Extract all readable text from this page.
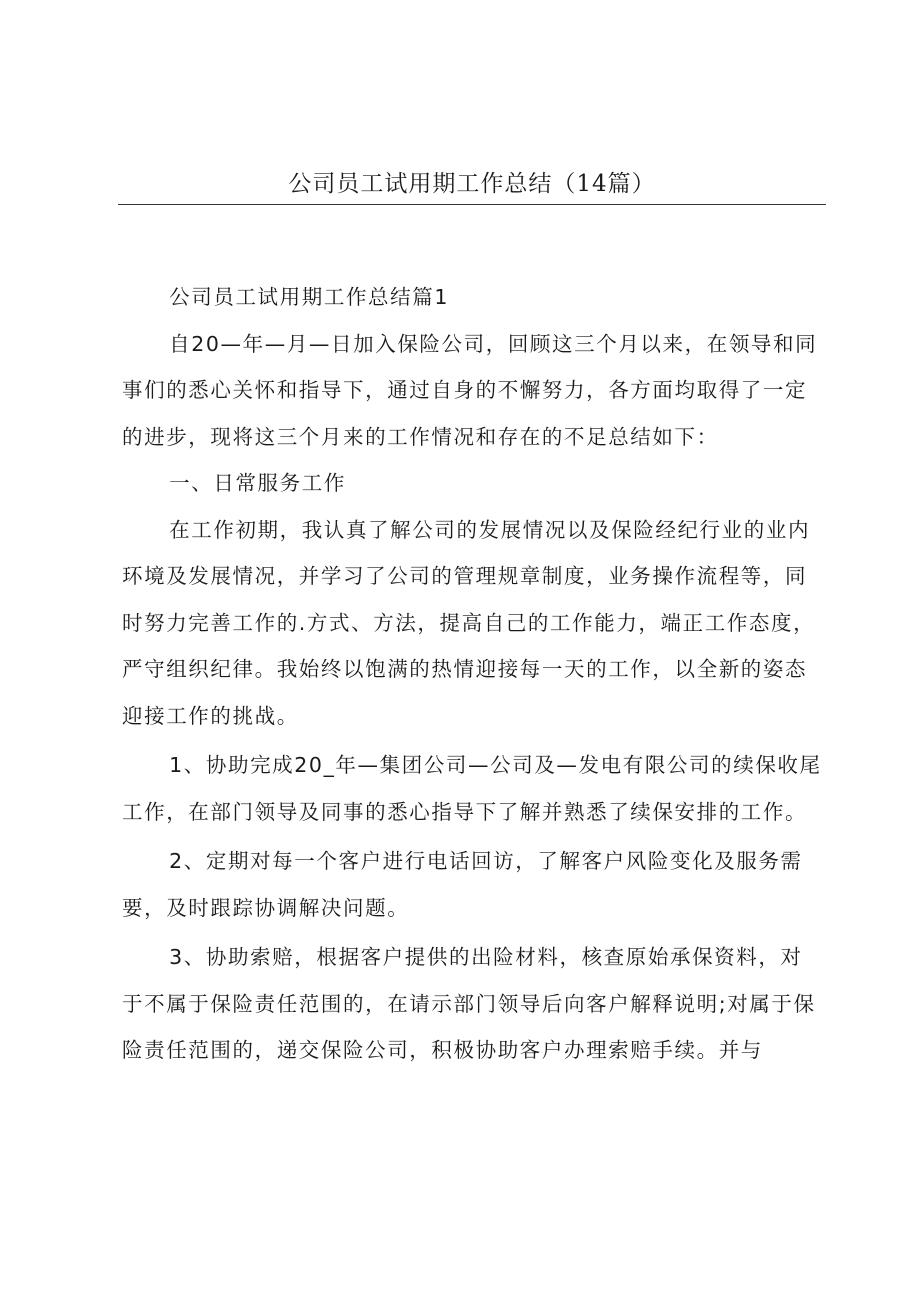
公司员工试用期工作总结（14篇）

公司员工试用期工作总结篇1

自20—年—月—日加入保险公司，回顾这三个月以来，在领导和同事们的悉心关怀和指导下，通过自身的不懈努力，各方面均取得了一定的进步，现将这三个月来的工作情况和存在的不足总结如下：

一、日常服务工作

在工作初期，我认真了解公司的发展情况以及保险经纪行业的业内环境及发展情况，并学习了公司的管理规章制度，业务操作流程等，同时努力完善工作的.方式、方法，提高自己的工作能力，端正工作态度，严守组织纪律。我始终以饱满的热情迎接每一天的工作，以全新的姿态迎接工作的挑战。

1、协助完成20_年—集团公司—公司及—发电有限公司的续保收尾工作，在部门领导及同事的悉心指导下了解并熟悉了续保安排的工作。

2、定期对每一个客户进行电话回访，了解客户风险变化及服务需要，及时跟踪协调解决问题。

3、协助索赔，根据客户提供的出险材料，核查原始承保资料，对于不属于保险责任范围的，在请示部门领导后向客户解释说明;对属于保险责任范围的，递交保险公司，积极协助客户办理索赔手续。并与
